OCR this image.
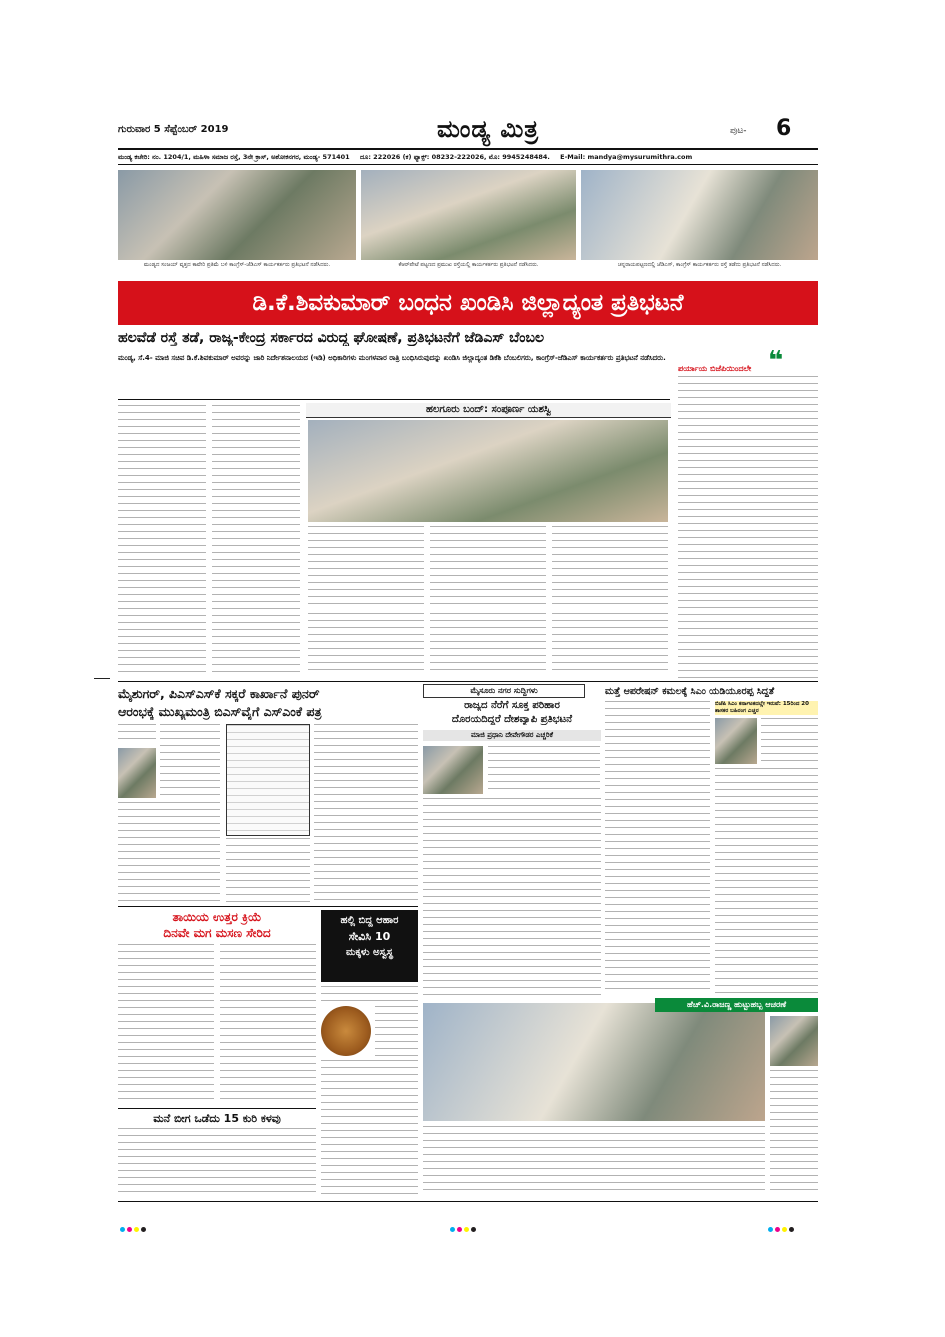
ಗುರುವಾರ 5 ಸೆಪ್ಟೆಂಬರ್ 2019	ಮಂಡ್ಯ ಮಿತ್ರ	ಪುಟ- 6
ಮಂಡ್ಯ ಕಚೇರಿ: ನಂ. 1204/1, ಮಹಿಳಾ ಸಮಾಜ ರಸ್ತೆ, 3ನೇ ಕ್ರಾಸ್, ಅಶೋಕನಗರ, ಮಂಡ್ಯ- 571401 ದೂ: 222026 (ಕ) ಫ್ಯಾಕ್ಸ್: 08232-222026, ಮೊ: 9945248484. E-Mail: mandya@mysurumithra.com
ಮಂಡ್ಯದ ಸಂಜಯ್ ವೃತ್ತದ ಕಾವೇರಿ ಪ್ರತಿಮೆ ಬಳಿ ಕಾಂಗ್ರೆಸ್-ಜೆಡಿಎಸ್ ಕಾರ್ಯಕರ್ತರು ಪ್ರತಿಭಟನೆ ನಡೆಸಿದರು.	ಕೆಆರ್‌ಪೇಟೆ ಪಟ್ಟಣದ ಪ್ರಮುಖ ರಸ್ತೆಯಲ್ಲಿ ಕಾರ್ಯಕರ್ತರು ಪ್ರತಿಭಟನೆ ನಡೆಸಿದರು.	ಚನ್ನರಾಯಪಟ್ಟಣದಲ್ಲಿ ಜೆಡಿಎಸ್, ಕಾಂಗ್ರೆಸ್ ಕಾರ್ಯಕರ್ತರು ರಸ್ತೆ ತಡೆದು ಪ್ರತಿಭಟನೆ ನಡೆಸಿದರು.
ಡಿ.ಕೆ.ಶಿವಕುಮಾರ್ ಬಂಧನ ಖಂಡಿಸಿ ಜಿಲ್ಲಾದ್ಯಂತ ಪ್ರತಿಭಟನೆ
ಹಲವೆಡೆ ರಸ್ತೆ ತಡೆ, ರಾಜ್ಯ-ಕೇಂದ್ರ ಸರ್ಕಾರದ ವಿರುದ್ಧ ಘೋಷಣೆ, ಪ್ರತಿಭಟನೆಗೆ ಜೆಡಿಎಸ್ ಬೆಂಬಲ
❝
ಮಂಡ್ಯ, ಸೆ.4- ಮಾಜಿ ಸಚಿವ ಡಿ.ಕೆ.ಶಿವಕುಮಾರ್ ಅವರನ್ನು ಜಾರಿ ನಿರ್ದೇಶನಾಲಯದ (ಇಡಿ) ಅಧಿಕಾರಿಗಳು ಮಂಗಳವಾರ ರಾತ್ರಿ ಬಂಧಿಸಿರುವುದನ್ನು ಖಂಡಿಸಿ ಜಿಲ್ಲಾದ್ಯಂತ ಡಿಕೆಶಿ ಬೆಂಬಲಿಗರು, ಕಾಂಗ್ರೆಸ್-ಜೆಡಿಎಸ್ ಕಾರ್ಯಕರ್ತರು ಪ್ರತಿಭಟನೆ ನಡೆಸಿದರು.
ಪರ್ಯಾಯ ಬಿಜೆಪಿಯಿಂದಲೇ
ಹಲಗೂರು ಬಂದ್: ಸಂಪೂರ್ಣ ಯಶಸ್ವಿ
ಮೈಶುಗರ್, ಪಿಎಸ್‌ಎಸ್‌ಕೆ ಸಕ್ಕರೆ ಕಾರ್ಖಾನೆ ಪುನರ್
ಆರಂಭಕ್ಕೆ ಮುಖ್ಯಮಂತ್ರಿ ಬಿಎಸ್‌ವೈಗೆ ಎಸ್‌ಎಂಕೆ ಪತ್ರ
ಮೈಸೂರು ನಗರ ಸುದ್ದಿಗಳು
ರಾಜ್ಯದ ನೆರೆಗೆ ಸೂಕ್ತ ಪರಿಹಾರ
ದೊರಯದಿದ್ದರೆ ದೇಶವ್ಯಾಪಿ ಪ್ರತಿಭಟನೆ
ಮಾಜಿ ಪ್ರಧಾನಿ ದೇವೇಗೌಡರ ಎಚ್ಚರಿಕೆ
ಮತ್ತೆ ಆಪರೇಷನ್ ಕಮಲಕ್ಕೆ ಸಿಎಂ ಯಡಿಯೂರಪ್ಪ ಸಿದ್ಧತೆ
ಬಿಜೆಪಿ ಸಿಎಂ ಕರ್ನಾಟಕದಲ್ಲೇ ಇರುವೆ: 15ರಿಂದ 20 ಶಾಸಕರ ಬಹಿರಂಗ ಎಚ್ಚರ
ತಾಯಿಯ ಉತ್ತರ ಕ್ರಿಯೆ
ದಿನವೇ ಮಗ ಮಸಣ ಸೇರಿದ
ಹಲ್ಲಿ ಬಿದ್ದ ಆಹಾರ
ಸೇವಿಸಿ 10
ಮಕ್ಕಳು ಅಸ್ವಸ್ಥ
ಮನೆ ಬೀಗ ಒಡೆದು 15 ಕುರಿ ಕಳವು
ಹೆಚ್.ವಿ.ರಾಜಣ್ಣ ಹುಟ್ಟುಹಬ್ಬ ಆಚರಣೆ
